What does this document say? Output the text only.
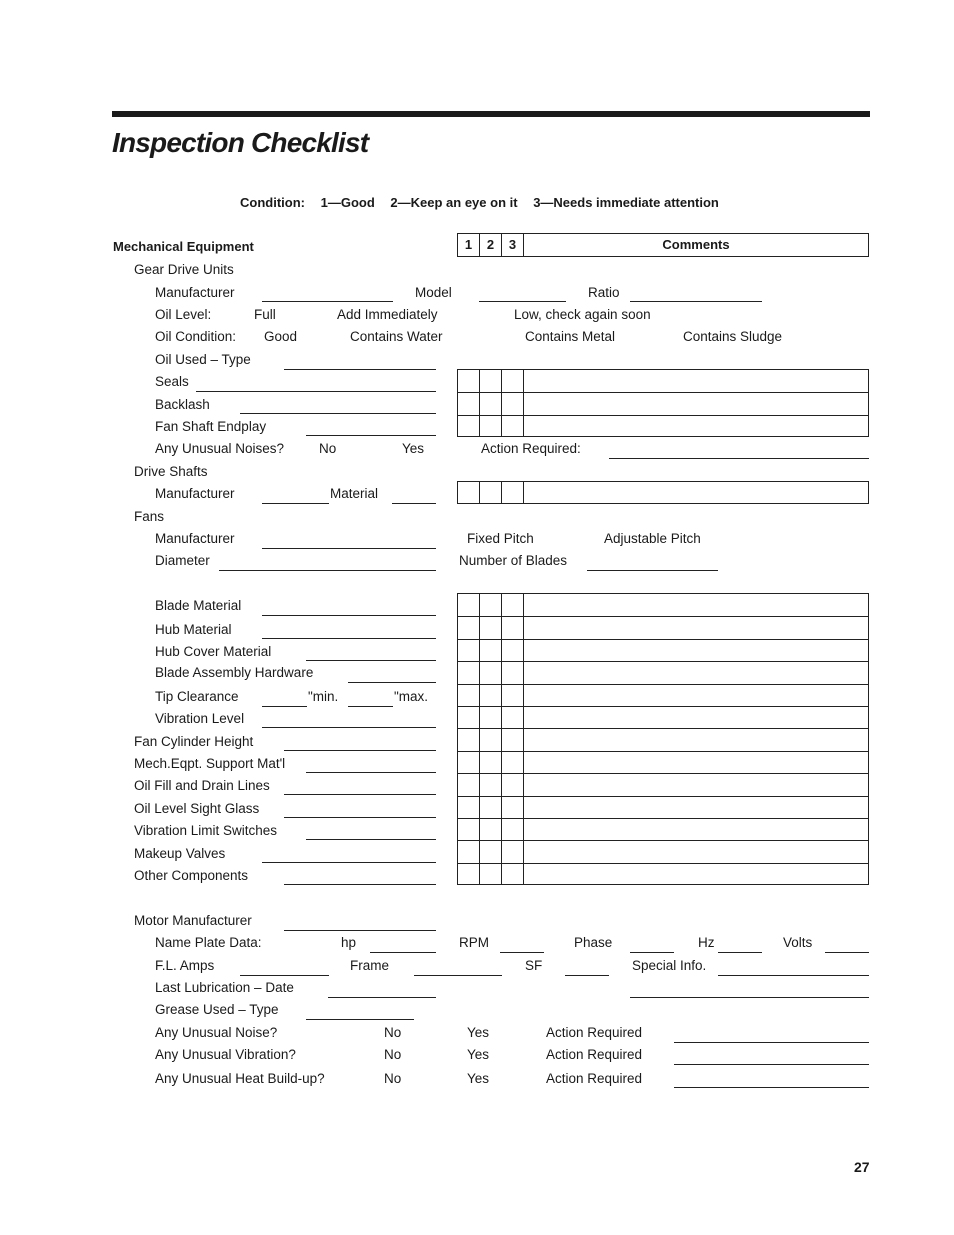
Inspection Checklist
Condition: 1—Good 2—Keep an eye on it 3—Needs immediate attention
Mechanical Equipment	1	2	3	Comments
Gear Drive Units
Manufacturer	Model	Ratio
Oil Level:	Full	Add Immediately	Low, check again soon
Oil Condition: Good	Contains Water	Contains Metal	Contains Sludge
Oil Used – Type
Seals
Backlash
Fan Shaft Endplay
Any Unusual Noises?	No	Yes	Action Required:
Drive Shafts
Manufacturer	Material
Fans
Manufacturer	Fixed Pitch	Adjustable Pitch
Diameter	Number of Blades
Blade Material
Hub Material
Hub Cover Material
Blade Assembly Hardware
Tip Clearance	"min.	"max.
Vibration Level
Fan Cylinder Height
Mech.Eqpt. Support Mat'l
Oil Fill and Drain Lines
Oil Level Sight Glass
Vibration Limit Switches
Makeup Valves
Other Components
Motor Manufacturer
Name Plate Data:	hp	RPM	Phase	Hz	Volts
F.L. Amps	Frame	SF	Special Info.
Last Lubrication – Date
Grease Used – Type
Any Unusual Noise?	No	Yes	Action Required
Any Unusual Vibration?	No	Yes	Action Required
Any Unusual Heat Build-up?	No	Yes	Action Required
27
